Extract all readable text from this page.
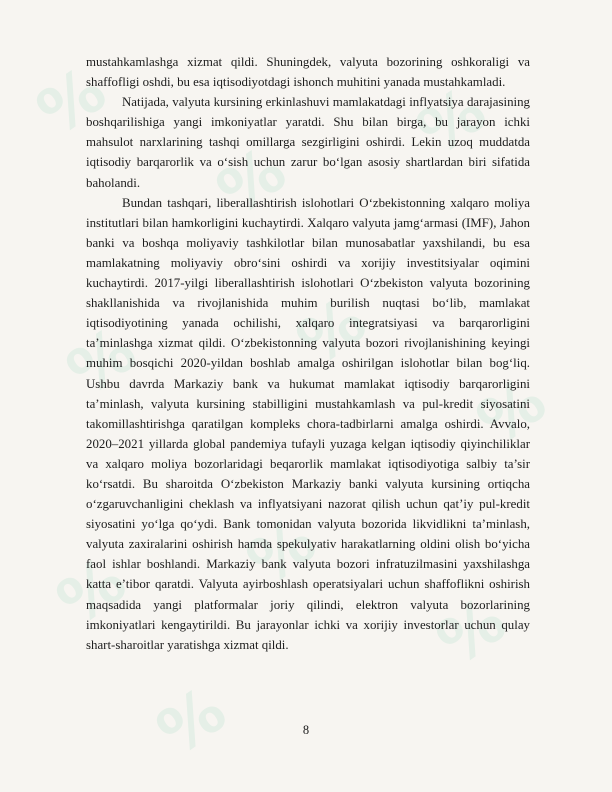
%
%
%
% %
%
% %
%
%

mustahkamlashga xizmat qildi. Shuningdek, valyuta bozorining oshkoraligi va shaffofligi oshdi, bu esa iqtisodiyotdagi ishonch muhitini yanada mustahkamladi.

Natijada, valyuta kursining erkinlashuvi mamlakatdagi inflyatsiya darajasining boshqarilishiga yangi imkoniyatlar yaratdi. Shu bilan birga, bu jarayon ichki mahsulot narxlarining tashqi omillarga sezgirligini oshirdi. Lekin uzoq muddatda iqtisodiy barqarorlik va o‘sish uchun zarur bo‘lgan asosiy shartlardan biri sifatida baholandi.

Bundan tashqari, liberallashtirish islohotlari O‘zbekistonning xalqaro moliya institutlari bilan hamkorligini kuchaytirdi. Xalqaro valyuta jamg‘armasi (IMF), Jahon banki va boshqa moliyaviy tashkilotlar bilan munosabatlar yaxshilandi, bu esa mamlakatning moliyaviy obro‘sini oshirdi va xorijiy investitsiyalar oqimini kuchaytirdi. 2017-yilgi liberallashtirish islohotlari O‘zbekiston valyuta bozorining shakllanishida va rivojlanishida muhim burilish nuqtasi bo‘lib, mamlakat iqtisodiyotining yanada ochilishi, xalqaro integratsiyasi va barqarorligini ta’minlashga xizmat qildi. O‘zbekistonning valyuta bozori rivojlanishining keyingi muhim bosqichi 2020-yildan boshlab amalga oshirilgan islohotlar bilan bog‘liq. Ushbu davrda Markaziy bank va hukumat mamlakat iqtisodiy barqarorligini ta’minlash, valyuta kursining stabilligini mustahkamlash va pul-kredit siyosatini takomillashtirishga qaratilgan kompleks chora-tadbirlarni amalga oshirdi. Avvalo, 2020–2021 yillarda global pandemiya tufayli yuzaga kelgan iqtisodiy qiyinchiliklar va xalqaro moliya bozorlaridagi beqarorlik mamlakat iqtisodiyotiga salbiy ta’sir ko‘rsatdi. Bu sharoitda O‘zbekiston Markaziy banki valyuta kursining ortiqcha o‘zgaruvchanligini cheklash va inflyatsiyani nazorat qilish uchun qat’iy pul-kredit siyosatini yo‘lga qo‘ydi. Bank tomonidan valyuta bozorida likvidlikni ta’minlash, valyuta zaxiralarini oshirish hamda spekulyativ harakatlarning oldini olish bo‘yicha faol ishlar boshlandi. Markaziy bank valyuta bozori infratuzilmasini yaxshilashga katta e’tibor qaratdi. Valyuta ayirboshlash operatsiyalari uchun shaffoflikni oshirish maqsadida yangi platformalar joriy qilindi, elektron valyuta bozorlarining imkoniyatlari kengaytirildi. Bu jarayonlar ichki va xorijiy investorlar uchun qulay shart-sharoitlar yaratishga xizmat qildi.

8
